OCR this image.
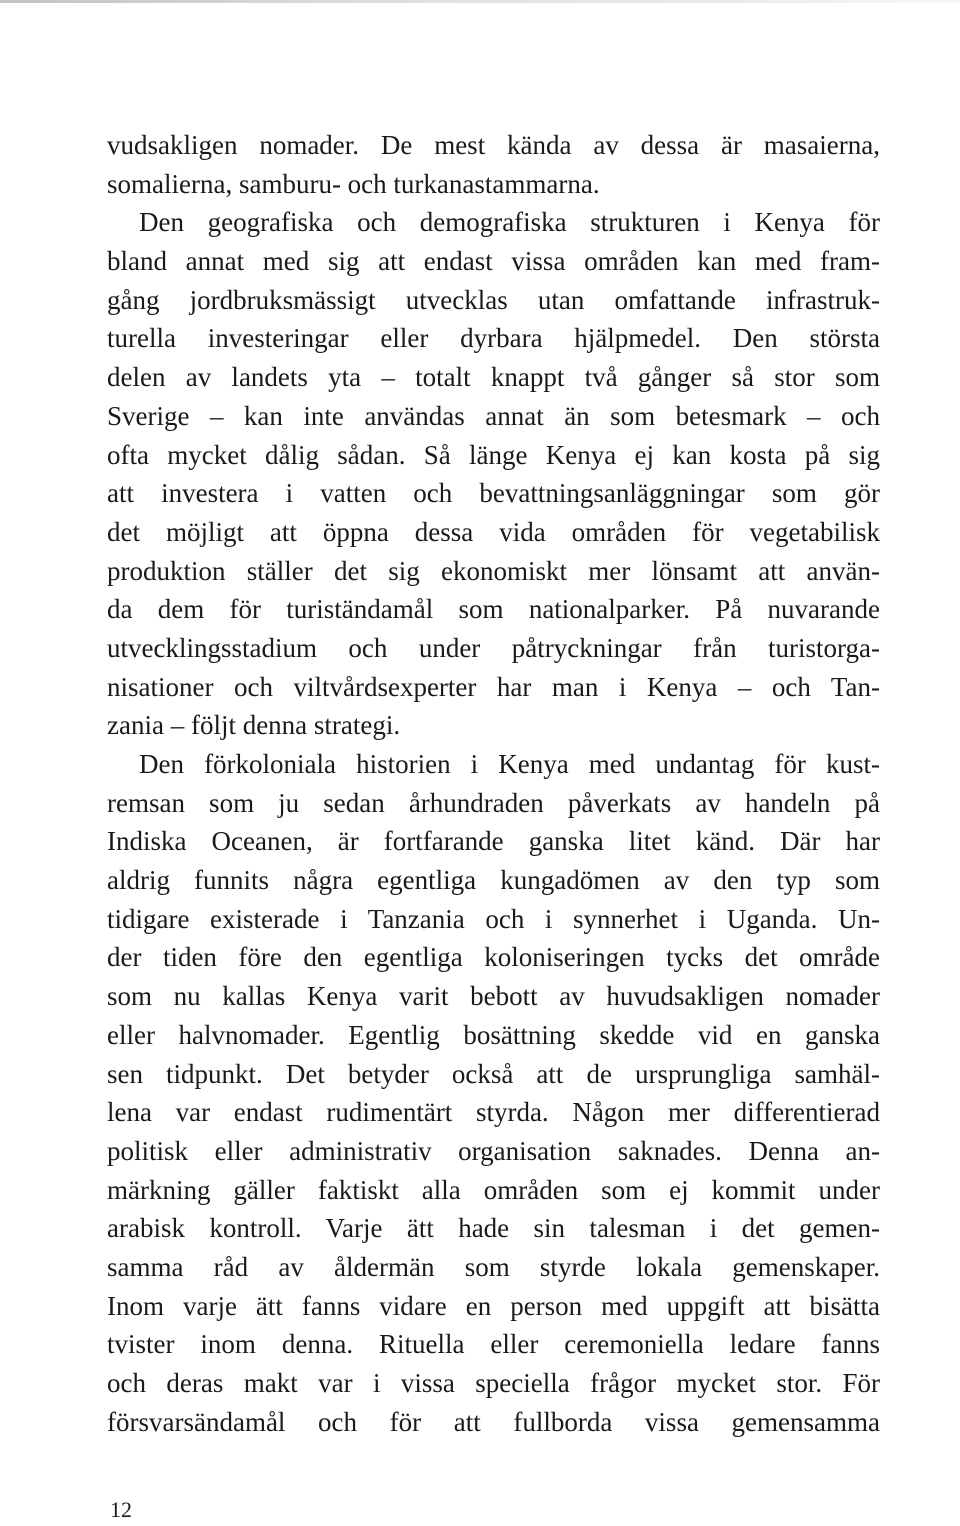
vudsakligen nomader. De mest kända av dessa är masaierna,
somalierna, samburu- och turkanastammarna.
Den geografiska och demografiska strukturen i Kenya för
bland annat med sig att endast vissa områden kan med fram-
gång jordbruksmässigt utvecklas utan omfattande infrastruk-
turella investeringar eller dyrbara hjälpmedel. Den största
delen av landets yta – totalt knappt två gånger så stor som
Sverige – kan inte användas annat än som betesmark – och
ofta mycket dålig sådan. Så länge Kenya ej kan kosta på sig
att investera i vatten och bevattningsanläggningar som gör
det möjligt att öppna dessa vida områden för vegetabilisk
produktion ställer det sig ekonomiskt mer lönsamt att använ-
da dem för turiständamål som nationalparker. På nuvarande
utvecklingsstadium och under påtryckningar från turistorga-
nisationer och viltvårdsexperter har man i Kenya – och Tan-
zania – följt denna strategi.
Den förkoloniala historien i Kenya med undantag för kust-
remsan som ju sedan århundraden påverkats av handeln på
Indiska Oceanen, är fortfarande ganska litet känd. Där har
aldrig funnits några egentliga kungadömen av den typ som
tidigare existerade i Tanzania och i synnerhet i Uganda. Un-
der tiden före den egentliga koloniseringen tycks det område
som nu kallas Kenya varit bebott av huvudsakligen nomader
eller halvnomader. Egentlig bosättning skedde vid en ganska
sen tidpunkt. Det betyder också att de ursprungliga samhäl-
lena var endast rudimentärt styrda. Någon mer differentierad
politisk eller administrativ organisation saknades. Denna an-
märkning gäller faktiskt alla områden som ej kommit under
arabisk kontroll. Varje ätt hade sin talesman i det gemen-
samma råd av åldermän som styrde lokala gemenskaper.
Inom varje ätt fanns vidare en person med uppgift att bisätta
tvister inom denna. Rituella eller ceremoniella ledare fanns
och deras makt var i vissa speciella frågor mycket stor. För
försvarsändamål och för att fullborda vissa gemensamma
12
